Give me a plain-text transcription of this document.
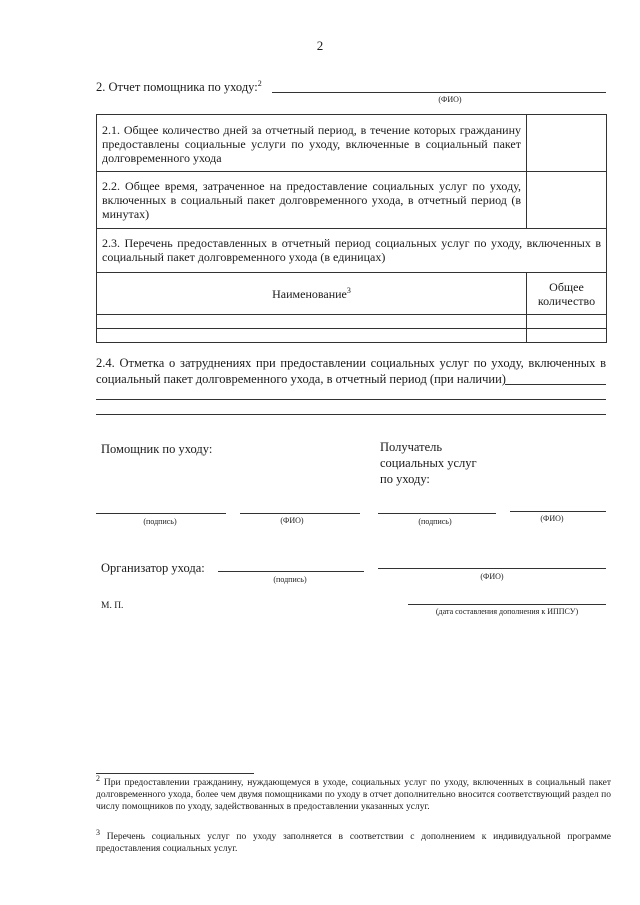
2
2. Отчет помощника по уходу:$^2$
(ФИО)
2.1. Общее количество дней за отчетный период, в течение которых гражданину предоставлены социальные услуги по уходу, включенные в социальный пакет долговременного ухода	
2.2. Общее время, затраченное на предоставление социальных услуг по уходу, включенных в социальный пакет долговременного ухода, в отчетный период (в минутах)	
2.3. Перечень предоставленных в отчетный период социальных услуг по уходу, включенных в социальный пакет долговременного ухода (в единицах)	
Наименование$^3$	Общее
количество

2.4. Отметка о затруднениях при предоставлении социальных услуг по уходу, включенных в социальный пакет долговременного ухода, в отчетный период (при наличии)
Помощник по уходу:	Получатель
социальных услуг
по уходу:
(подпись)	(ФИО)	(подпись)	(ФИО)
Организатор ухода:
(подпись)	(ФИО)
М. П.
(дата составления дополнения к ИППСУ)
$^2$ При предоставлении гражданину, нуждающемуся в уходе, социальных услуг по уходу, включенных в социальный пакет долговременного ухода, более чем двумя помощниками по уходу в отчет дополнительно вносится соответствующий раздел по числу помощников по уходу, задействованных в предоставлении указанных услуг.
$^3$ Перечень социальных услуг по уходу заполняется в соответствии с дополнением к индивидуальной программе предоставления социальных услуг.
